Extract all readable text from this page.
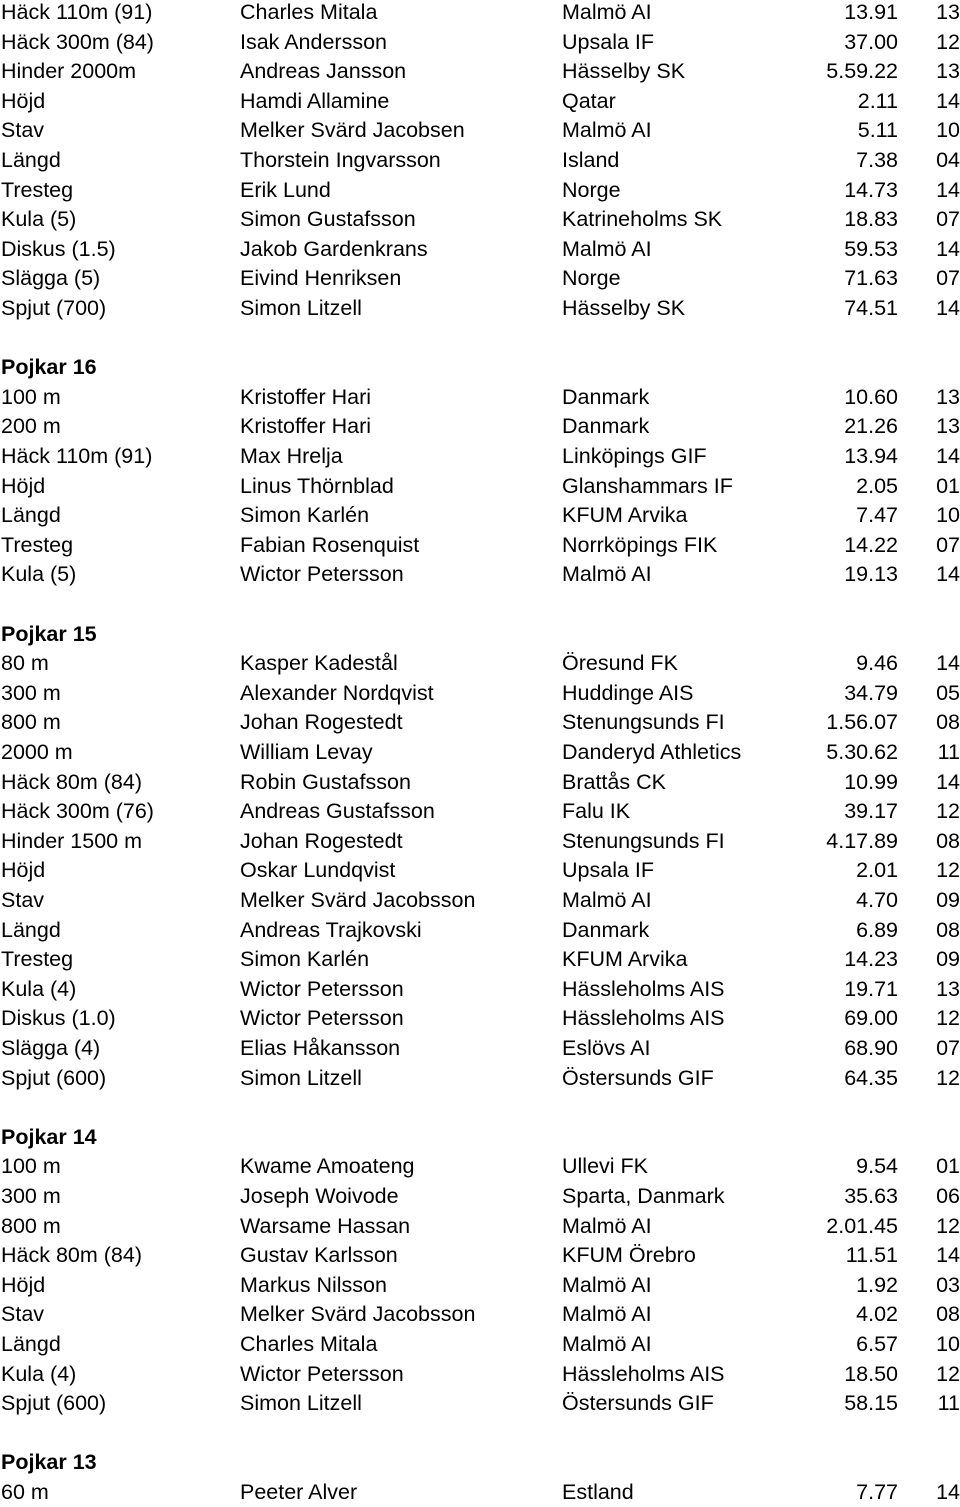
Häck 110m (91)	Charles Mitala	Malmö AI	13.91	13
Häck 300m (84)	Isak Andersson	Upsala IF	37.00	12
Hinder 2000m	Andreas Jansson	Hässelby SK	5.59.22	13
Höjd	Hamdi Allamine	Qatar	2.11	14
Stav	Melker Svärd Jacobsen	Malmö AI	5.11	10
Längd	Thorstein Ingvarsson	Island	7.38	04
Tresteg	Erik Lund	Norge	14.73	14
Kula (5)	Simon Gustafsson	Katrineholms SK	18.83	07
Diskus (1.5)	Jakob Gardenkrans	Malmö AI	59.53	14
Slägga (5)	Eivind Henriksen	Norge	71.63	07
Spjut (700)	Simon Litzell	Hässelby SK	74.51	14
Pojkar 16
100 m	Kristoffer Hari	Danmark	10.60	13
200 m	Kristoffer Hari	Danmark	21.26	13
Häck 110m (91)	Max Hrelja	Linköpings GIF	13.94	14
Höjd	Linus Thörnblad	Glanshammars IF	2.05	01
Längd	Simon Karlén	KFUM Arvika	7.47	10
Tresteg	Fabian Rosenquist	Norrköpings FIK	14.22	07
Kula (5)	Wictor Petersson	Malmö AI	19.13	14
Pojkar 15
80 m	Kasper Kadestål	Öresund FK	9.46	14
300 m	Alexander Nordqvist	Huddinge AIS	34.79	05
800 m	Johan Rogestedt	Stenungsunds FI	1.56.07	08
2000 m	William Levay	Danderyd Athletics	5.30.62	11
Häck 80m (84)	Robin Gustafsson	Brattås CK	10.99	14
Häck 300m (76)	Andreas Gustafsson	Falu IK	39.17	12
Hinder 1500 m	Johan Rogestedt	Stenungsunds FI	4.17.89	08
Höjd	Oskar Lundqvist	Upsala IF	2.01	12
Stav	Melker Svärd Jacobsson	Malmö AI	4.70	09
Längd	Andreas Trajkovski	Danmark	6.89	08
Tresteg	Simon Karlén	KFUM Arvika	14.23	09
Kula (4)	Wictor Petersson	Hässleholms AIS	19.71	13
Diskus (1.0)	Wictor Petersson	Hässleholms AIS	69.00	12
Slägga (4)	Elias Håkansson	Eslövs AI	68.90	07
Spjut (600)	Simon Litzell	Östersunds GIF	64.35	12
Pojkar 14
100 m	Kwame Amoateng	Ullevi FK	9.54	01
300 m	Joseph Woivode	Sparta, Danmark	35.63	06
800 m	Warsame Hassan	Malmö AI	2.01.45	12
Häck 80m (84)	Gustav Karlsson	KFUM Örebro	11.51	14
Höjd	Markus Nilsson	Malmö AI	1.92	03
Stav	Melker Svärd Jacobsson	Malmö AI	4.02	08
Längd	Charles Mitala	Malmö AI	6.57	10
Kula (4)	Wictor Petersson	Hässleholms AIS	18.50	12
Spjut (600)	Simon Litzell	Östersunds GIF	58.15	11
Pojkar 13
60 m	Peeter Alver	Estland	7.77	14
